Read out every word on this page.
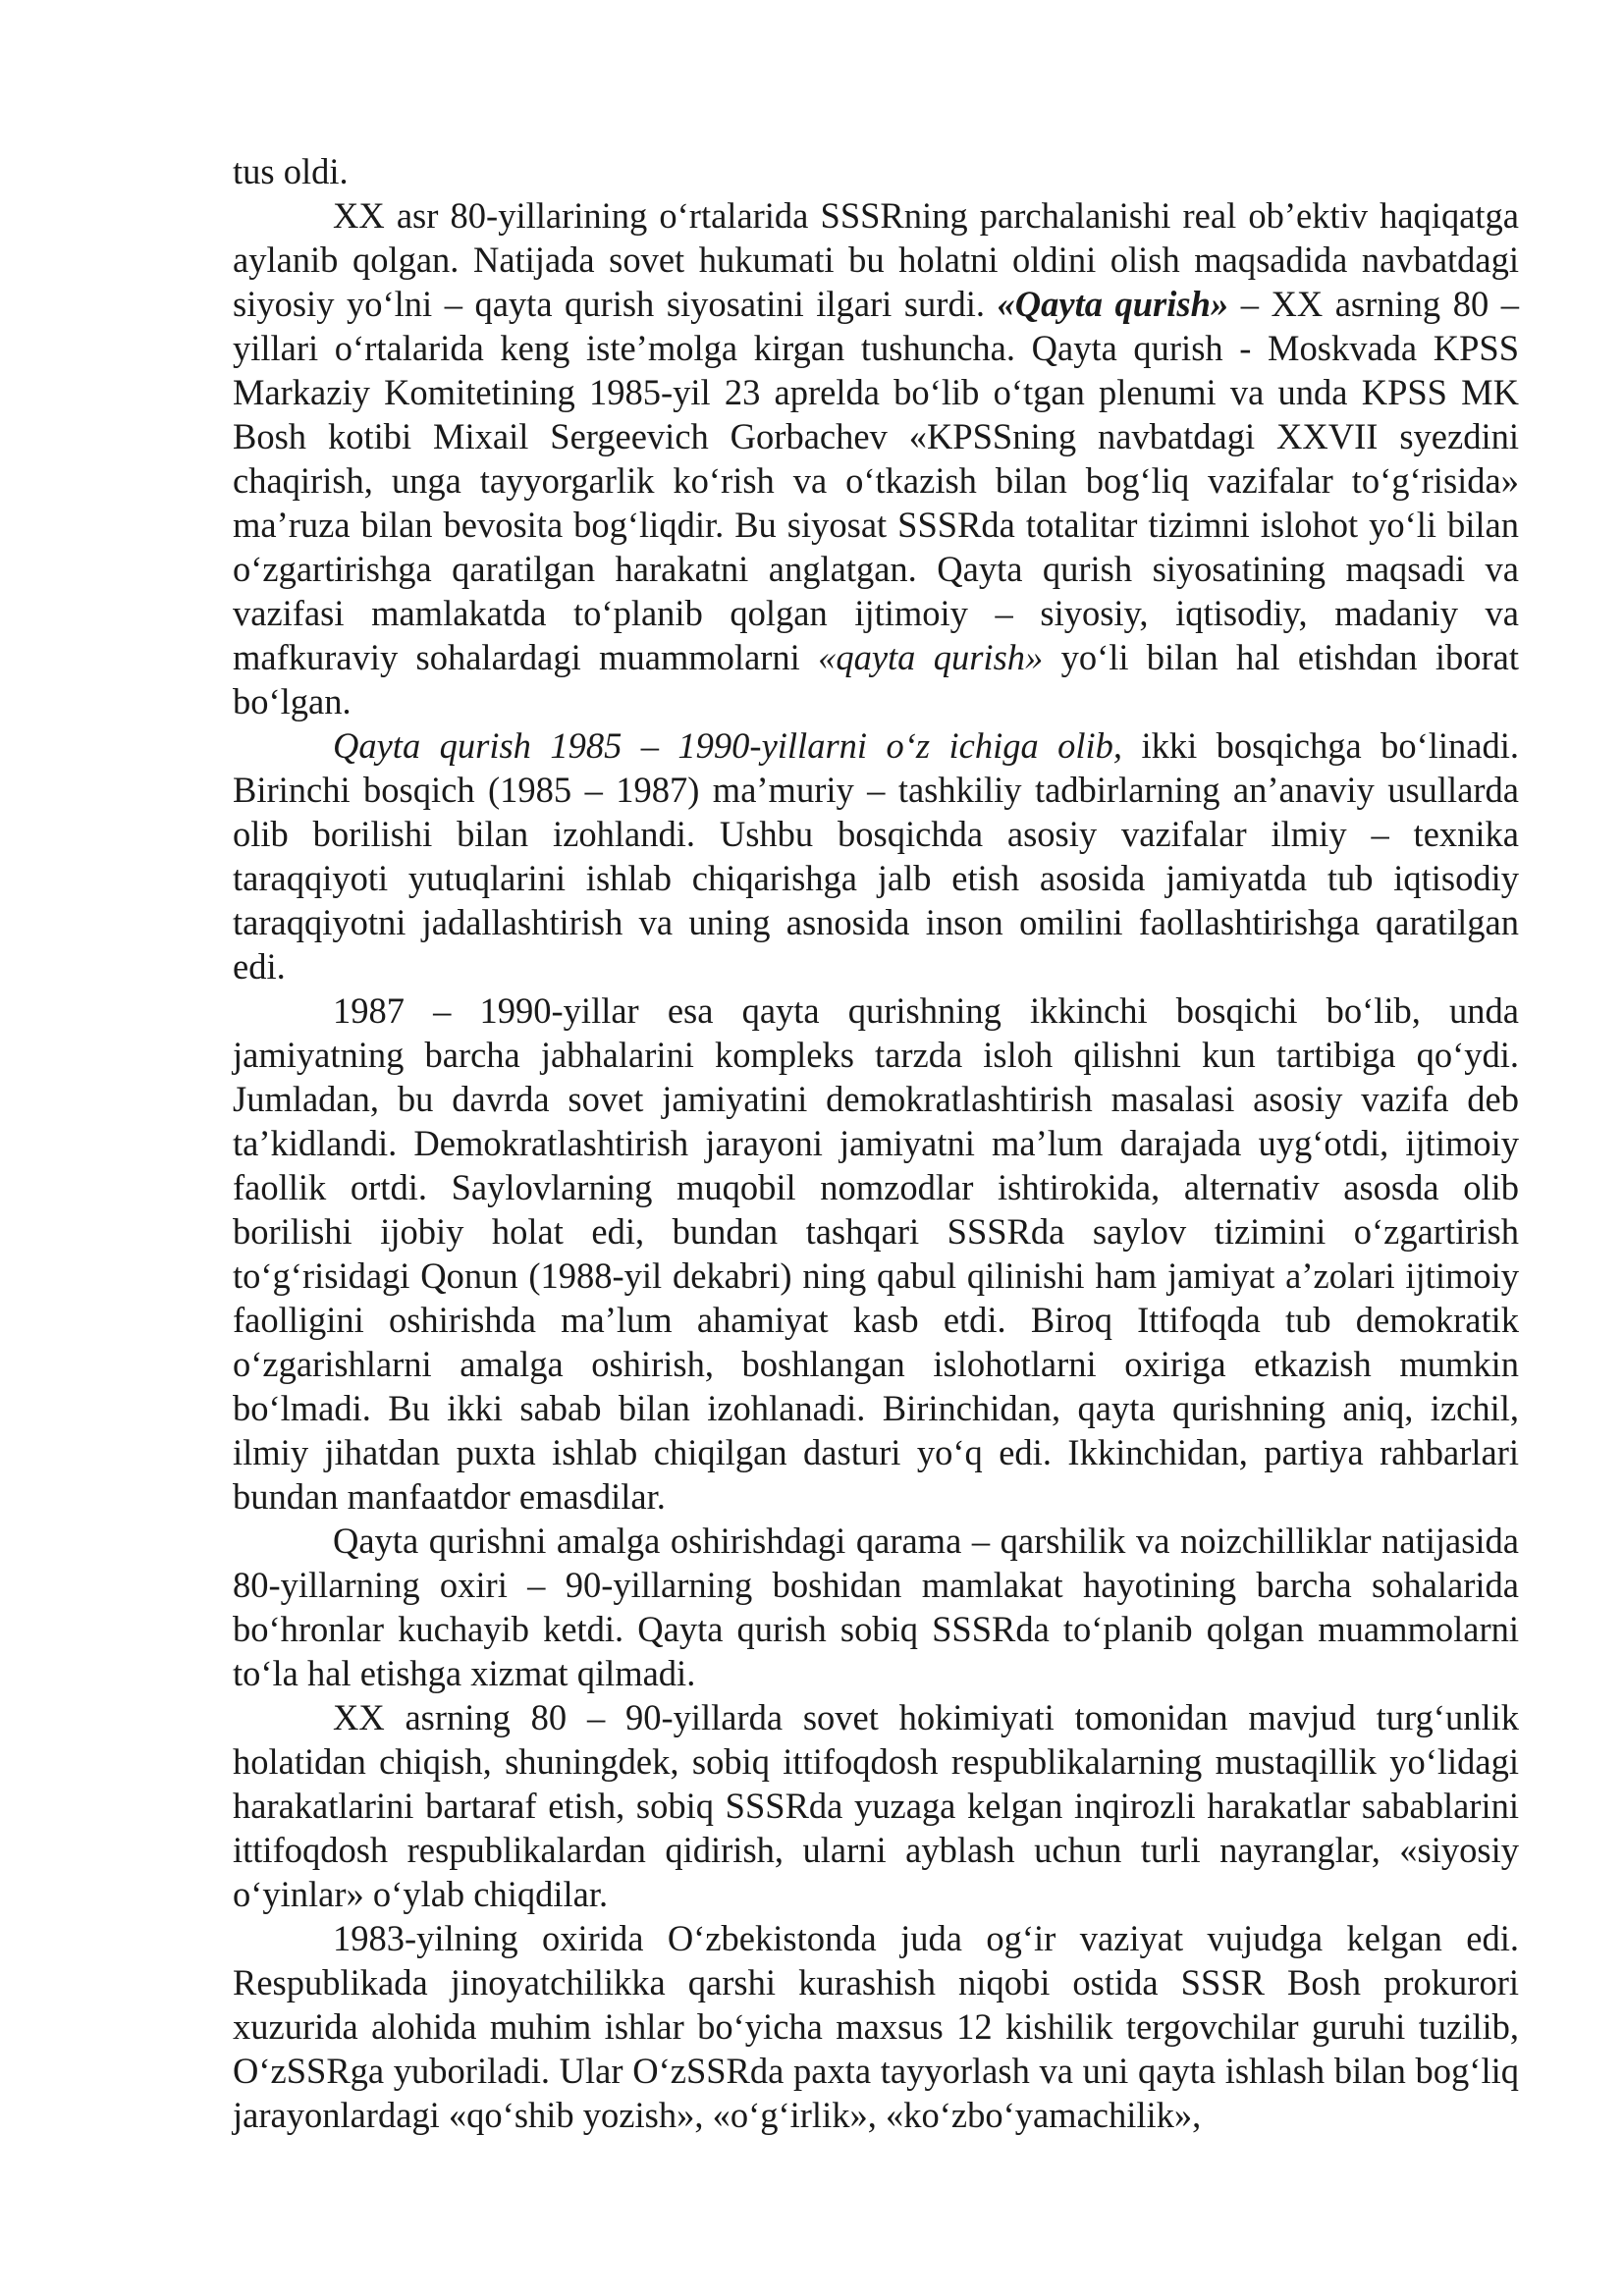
tus oldi.

XX asr 80-yillarining o‘rtalarida SSSRning parchalanishi real ob’ektiv haqiqatga aylanib qolgan. Natijada sovet hukumati bu holatni oldini olish maqsadida navbatdagi siyosiy yo‘lni – qayta qurish siyosatini ilgari surdi. «Qayta qurish» – XX asrning 80 – yillari o‘rtalarida keng iste’molga kirgan tushuncha. Qayta qurish - Moskvada KPSS Markaziy Komitetining 1985-yil 23 aprelda bo‘lib o‘tgan plenumi va unda KPSS MK Bosh kotibi Mixail Sergeevich Gorbachev «KPSSning navbatdagi XXVII syezdini chaqirish, unga tayyorgarlik ko‘rish va o‘tkazish bilan bog‘liq vazifalar to‘g‘risida» ma’ruza bilan bevosita bog‘liqdir. Bu siyosat SSSRda totalitar tizimni islohot yo‘li bilan o‘zgartirishga qaratilgan harakatni anglatgan. Qayta qurish siyosatining maqsadi va vazifasi mamlakatda to‘planib qolgan ijtimoiy – siyosiy, iqtisodiy, madaniy va mafkuraviy sohalardagi muammolarni «qayta qurish» yo‘li bilan hal etishdan iborat bo‘lgan.

Qayta qurish 1985 – 1990-yillarni o‘z ichiga olib, ikki bosqichga bo‘linadi. Birinchi bosqich (1985 – 1987) ma’muriy – tashkiliy tadbirlarning an’anaviy usullarda olib borilishi bilan izohlandi. Ushbu bosqichda asosiy vazifalar ilmiy – texnika taraqqiyoti yutuqlarini ishlab chiqarishga jalb etish asosida jamiyatda tub iqtisodiy taraqqiyotni jadallashtirish va uning asnosida inson omilini faollashtirishga qaratilgan edi.

1987 – 1990-yillar esa qayta qurishning ikkinchi bosqichi bo‘lib, unda jamiyatning barcha jabhalarini kompleks tarzda isloh qilishni kun tartibiga qo‘ydi. Jumladan, bu davrda sovet jamiyatini demokratlashtirish masalasi asosiy vazifa deb ta’kidlandi. Demokratlashtirish jarayoni jamiyatni ma’lum darajada uyg‘otdi, ijtimoiy faollik ortdi. Saylovlarning muqobil nomzodlar ishtirokida, alternativ asosda olib borilishi ijobiy holat edi, bundan tashqari SSSRda saylov tizimini o‘zgartirish to‘g‘risidagi Qonun (1988-yil dekabri) ning qabul qilinishi ham jamiyat a’zolari ijtimoiy faolligini oshirishda ma’lum ahamiyat kasb etdi. Biroq Ittifoqda tub demokratik o‘zgarishlarni amalga oshirish, boshlangan islohotlarni oxiriga etkazish mumkin bo‘lmadi. Bu ikki sabab bilan izohlanadi. Birinchidan, qayta qurishning aniq, izchil, ilmiy jihatdan puxta ishlab chiqilgan dasturi yo‘q edi. Ikkinchidan, partiya rahbarlari bundan manfaatdor emasdilar.

Qayta qurishni amalga oshirishdagi qarama – qarshilik va noizchilliklar natijasida 80-yillarning oxiri – 90-yillarning boshidan mamlakat hayotining barcha sohalarida bo‘hronlar kuchayib ketdi. Qayta qurish sobiq SSSRda to‘planib qolgan muammolarni to‘la hal etishga xizmat qilmadi.

XX asrning 80 – 90-yillarda sovet hokimiyati tomonidan mavjud turg‘unlik holatidan chiqish, shuningdek, sobiq ittifoqdosh respublikalarning mustaqillik yo‘lidagi harakatlarini bartaraf etish, sobiq SSSRda yuzaga kelgan inqirozli harakatlar sabablarini ittifoqdosh respublikalardan qidirish, ularni ayblash uchun turli nayranglar, «siyosiy o‘yinlar» o‘ylab chiqdilar.

1983-yilning oxirida O‘zbekistonda juda og‘ir vaziyat vujudga kelgan edi. Respublikada jinoyatchilikka qarshi kurashish niqobi ostida SSSR Bosh prokurori xuzurida alohida muhim ishlar bo‘yicha maxsus 12 kishilik tergovchilar guruhi tuzilib, O‘zSSRga yuboriladi. Ular O‘zSSRda paxta tayyorlash va uni qayta ishlash bilan bog‘liq jarayonlardagi «qo‘shib yozish», «o‘g‘irlik», «ko‘zbo‘yamachilik»,
